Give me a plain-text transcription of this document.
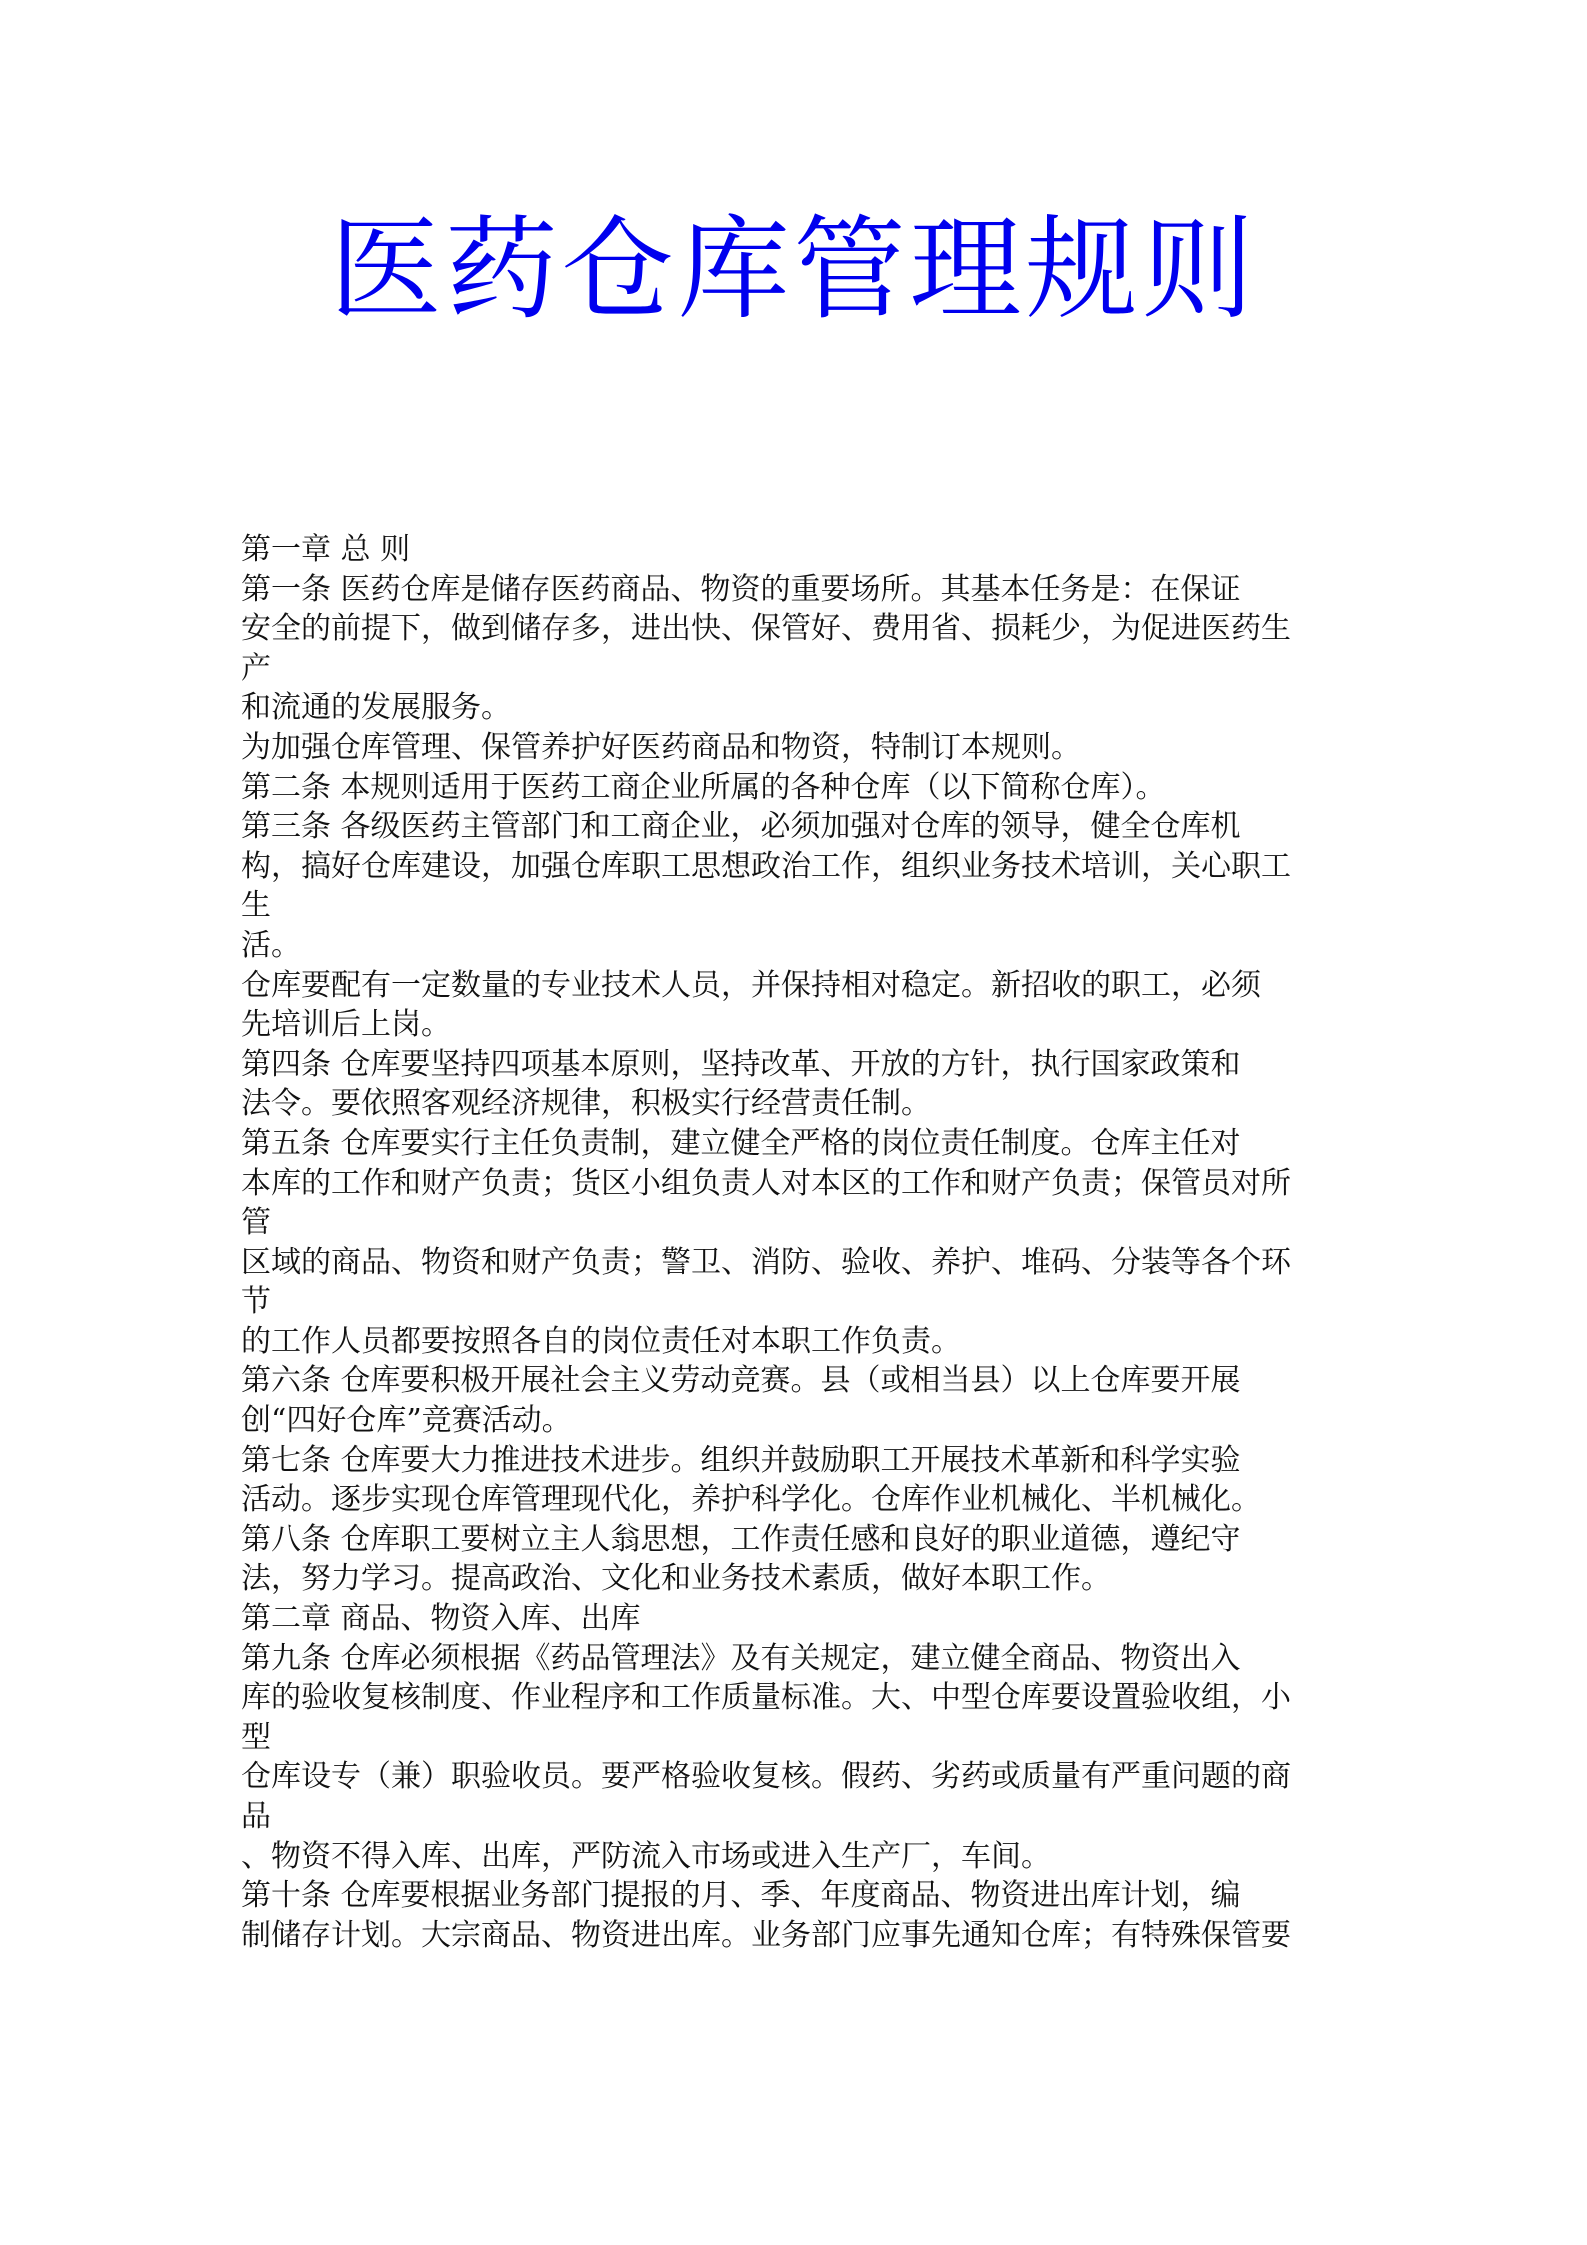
医药仓库管理规则
第一章 总 则
第一条 医药仓库是储存医药商品、物资的重要场所。其基本任务是：在保证
安全的前提下，做到储存多，进出快、保管好、费用省、损耗少，为促进医药生
产
和流通的发展服务。
为加强仓库管理、保管养护好医药商品和物资，特制订本规则。
第二条 本规则适用于医药工商企业所属的各种仓库（以下简称仓库）。
第三条 各级医药主管部门和工商企业，必须加强对仓库的领导，健全仓库机
构，搞好仓库建设，加强仓库职工思想政治工作，组织业务技术培训，关心职工
生
活。
仓库要配有一定数量的专业技术人员，并保持相对稳定。新招收的职工，必须
先培训后上岗。
第四条 仓库要坚持四项基本原则，坚持改革、开放的方针，执行国家政策和
法令。要依照客观经济规律，积极实行经营责任制。
第五条 仓库要实行主任负责制，建立健全严格的岗位责任制度。仓库主任对
本库的工作和财产负责；货区小组负责人对本区的工作和财产负责；保管员对所
管
区域的商品、物资和财产负责；警卫、消防、验收、养护、堆码、分装等各个环
节
的工作人员都要按照各自的岗位责任对本职工作负责。
第六条 仓库要积极开展社会主义劳动竞赛。县（或相当县）以上仓库要开展
创“四好仓库”竞赛活动。
第七条 仓库要大力推进技术进步。组织并鼓励职工开展技术革新和科学实验
活动。逐步实现仓库管理现代化，养护科学化。仓库作业机械化、半机械化。
第八条 仓库职工要树立主人翁思想，工作责任感和良好的职业道德，遵纪守
法，努力学习。提高政治、文化和业务技术素质，做好本职工作。
第二章 商品、物资入库、出库
第九条 仓库必须根据《药品管理法》及有关规定，建立健全商品、物资出入
库的验收复核制度、作业程序和工作质量标准。大、中型仓库要设置验收组，小
型
仓库设专（兼）职验收员。要严格验收复核。假药、劣药或质量有严重问题的商
品
、物资不得入库、出库，严防流入市场或进入生产厂，车间。
第十条 仓库要根据业务部门提报的月、季、年度商品、物资进出库计划，编
制储存计划。大宗商品、物资进出库。业务部门应事先通知仓库；有特殊保管要
